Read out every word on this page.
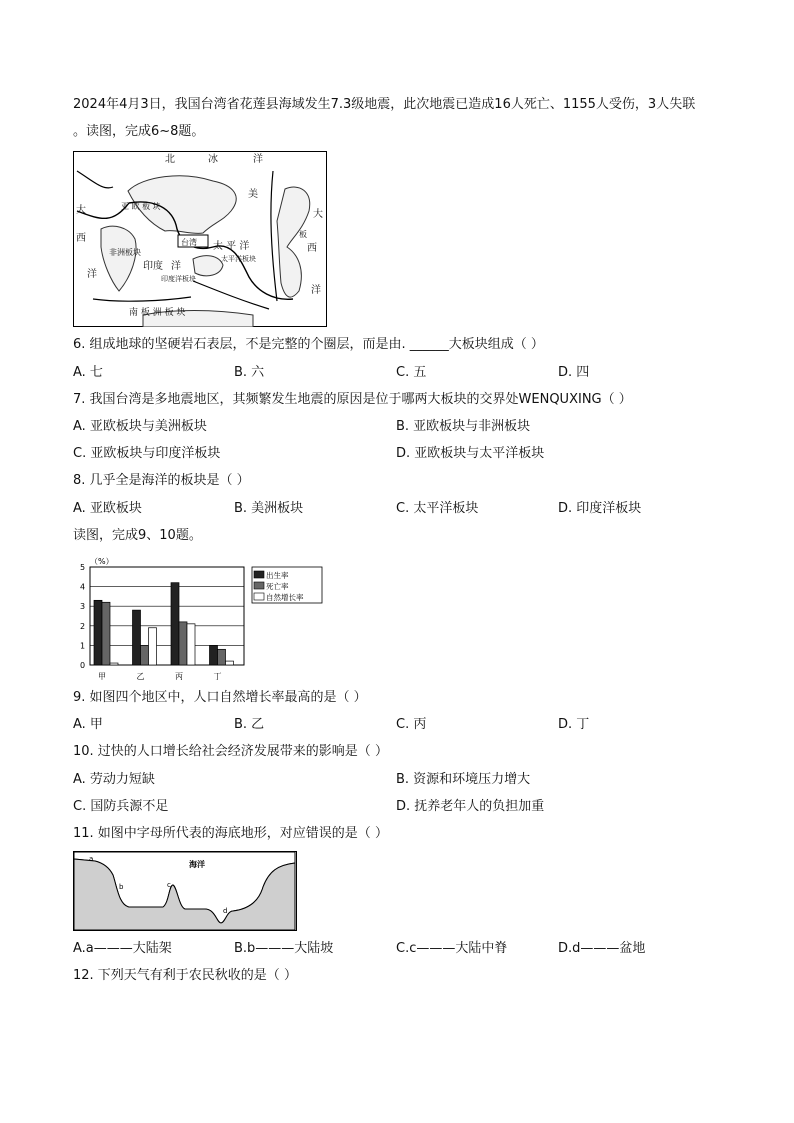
2024年4月3日，我国台湾省花莲县海域发生7.3级地震，此次地震已造成16人死亡、1155人受伤，3人失联
。读图，完成6~8题。
北	冰	洋
美
亚 欧 板 块
大
西
洋
非洲板块
印度 洋
印度洋板块
台湾 太 平 洋
太平洋板块
大
西
洋
板
南 板 洲 板 块
6. 组成地球的坚硬岩石表层，不是完整的个圈层，而是由. ______大板块组成（ ）
A. 七	B. 六	C. 五	D. 四
7. 我国台湾是多地震地区，其频繁发生地震的原因是位于哪两大板块的交界处WENQUXING（ ）
A. 亚欧板块与美洲板块	B. 亚欧板块与非洲板块
C. 亚欧板块与印度洋板块	D. 亚欧板块与太平洋板块
8. 几乎全是海洋的板块是（ ）
A. 亚欧板块	B. 美洲板块	C. 太平洋板块	D. 印度洋板块
读图，完成9、10题。
（%）
0
1
2
3
4
5
甲	乙	丙	丁
出生率
死亡率
自然增长率
9. 如图四个地区中，人口自然增长率最高的是（ ）
A. 甲	B. 乙	C. 丙	D. 丁
10. 过快的人口增长给社会经济发展带来的影响是（ ）
A. 劳动力短缺	B. 资源和环境压力增大
C. 国防兵源不足	D. 抚养老年人的负担加重
11. 如图中字母所代表的海底地形，对应错误的是（ ）
海洋
a
b	c
d
A.a———大陆架	B.b———大陆坡	C.c———大陆中脊	D.d———盆地
12. 下列天气有利于农民秋收的是（ ）
